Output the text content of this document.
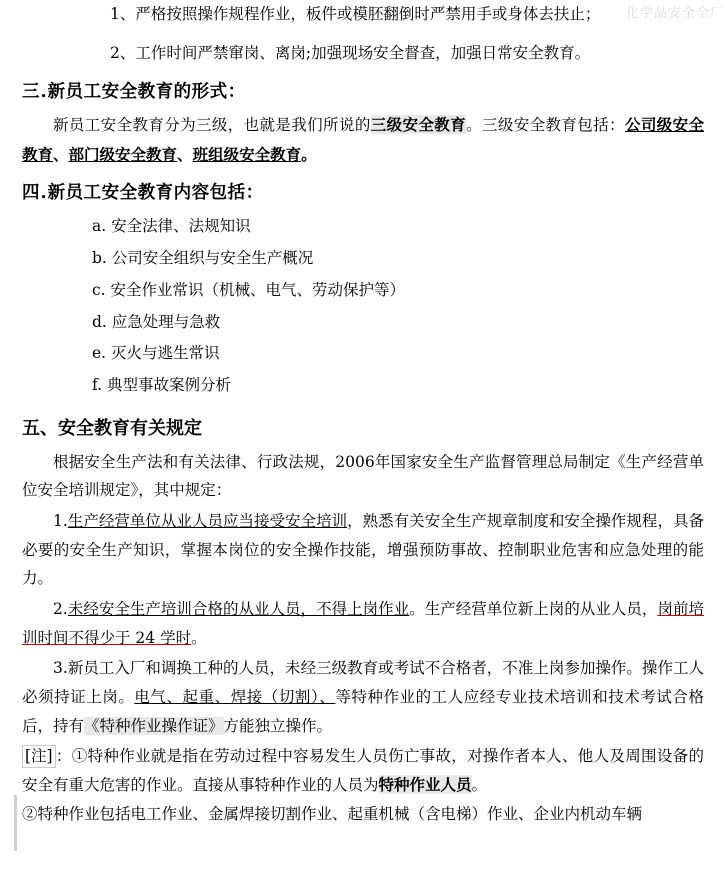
化学品安全全厂

1、严格按照操作规程作业，板件或模胚翻倒时严禁用手或身体去扶止；

2、工作时间严禁窜岗、离岗;加强现场安全督查，加强日常安全教育。

三.新员工安全教育的形式：

新员工安全教育分为三级，也就是我们所说的三级安全教育。三级安全教育包括：公司级安全教育、部门级安全教育、班组级安全教育。

四.新员工安全教育内容包括：

a. 安全法律、法规知识

b. 公司安全组织与安全生产概况

c. 安全作业常识（机械、电气、劳动保护等）

d. 应急处理与急救

e. 灭火与逃生常识

f. 典型事故案例分析

五、安全教育有关规定

根据安全生产法和有关法律、行政法规，2006年国家安全生产监督管理总局制定《生产经营单位安全培训规定》，其中规定：

1.生产经营单位从业人员应当接受安全培训，熟悉有关安全生产规章制度和安全操作规程，具备必要的安全生产知识，掌握本岗位的安全操作技能，增强预防事故、控制职业危害和应急处理的能力。

2.未经安全生产培训合格的从业人员，不得上岗作业。生产经营单位新上岗的从业人员，岗前培训时间不得少于 24 学时。

3.新员工入厂和调换工种的人员，未经三级教育或考试不合格者，不准上岗参加操作。操作工人必须持证上岗。电气、起重、焊接（切割）、等特种作业的工人应经专业技术培训和技术考试合格后，持有《特种作业操作证》方能独立操作。

[注] ：①特种作业就是指在劳动过程中容易发生人员伤亡事故，对操作者本人、他人及周围设备的安全有重大危害的作业。直接从事特种作业的人员为特种作业人员。

②特种作业包括电工作业、金属焊接切割作业、起重机械（含电梯）作业、企业内机动车辆
